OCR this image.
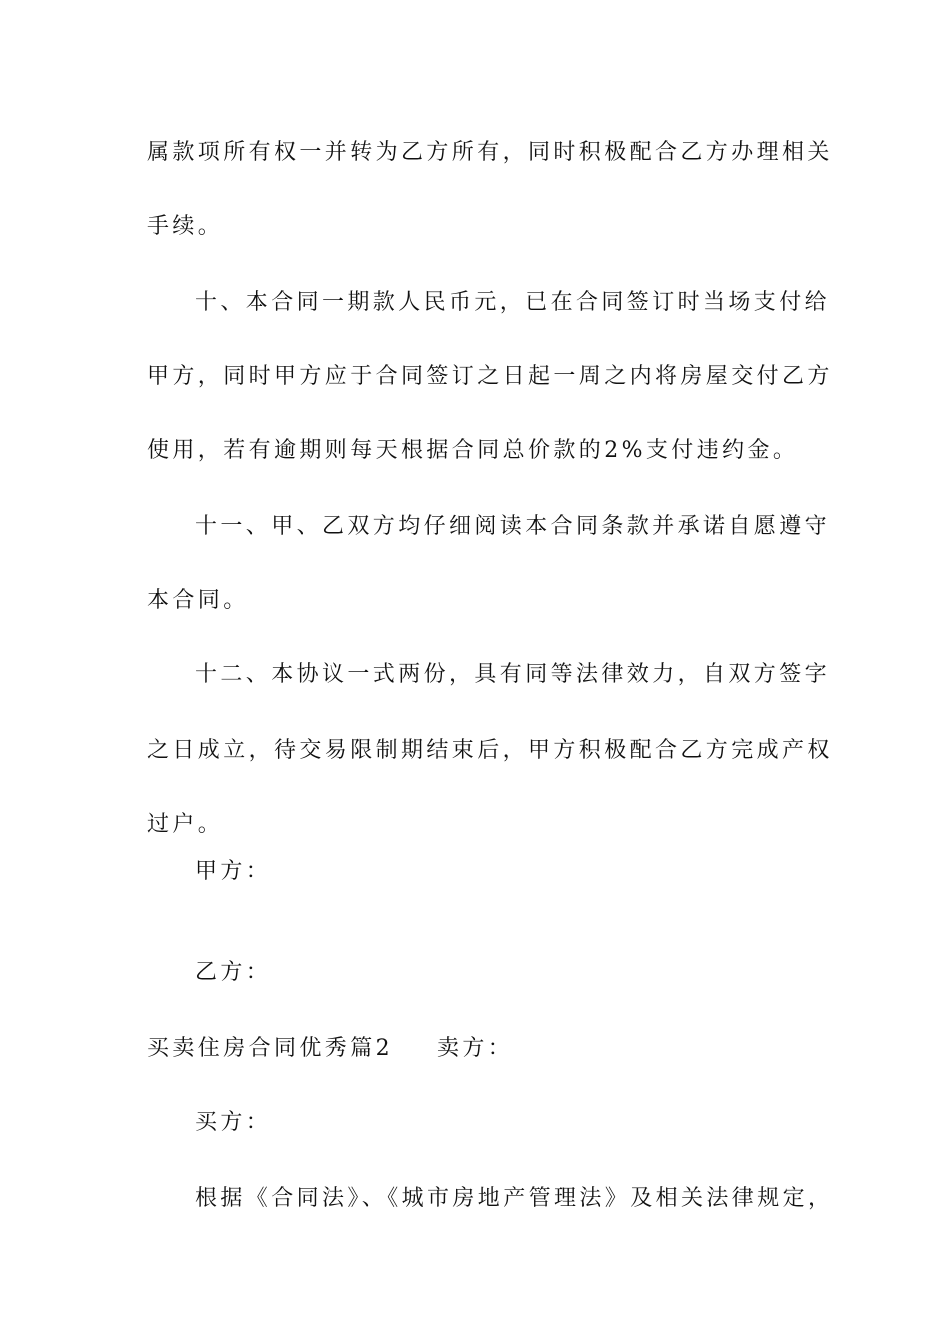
属款项所有权一并转为乙方所有，同时积极配合乙方办理相关
手续。
十、本合同一期款人民币元，已在合同签订时当场支付给
甲方，同时甲方应于合同签订之日起一周之内将房屋交付乙方
使用，若有逾期则每天根据合同总价款的2%支付违约金。
十一、甲、乙双方均仔细阅读本合同条款并承诺自愿遵守
本合同。
十二、本协议一式两份，具有同等法律效力，自双方签字
之日成立，待交易限制期结束后，甲方积极配合乙方完成产权
过户。
甲方：
乙方：
买卖住房合同优秀篇2 卖方：
买方：
根据《合同法》、《城市房地产管理法》及相关法律规定，
